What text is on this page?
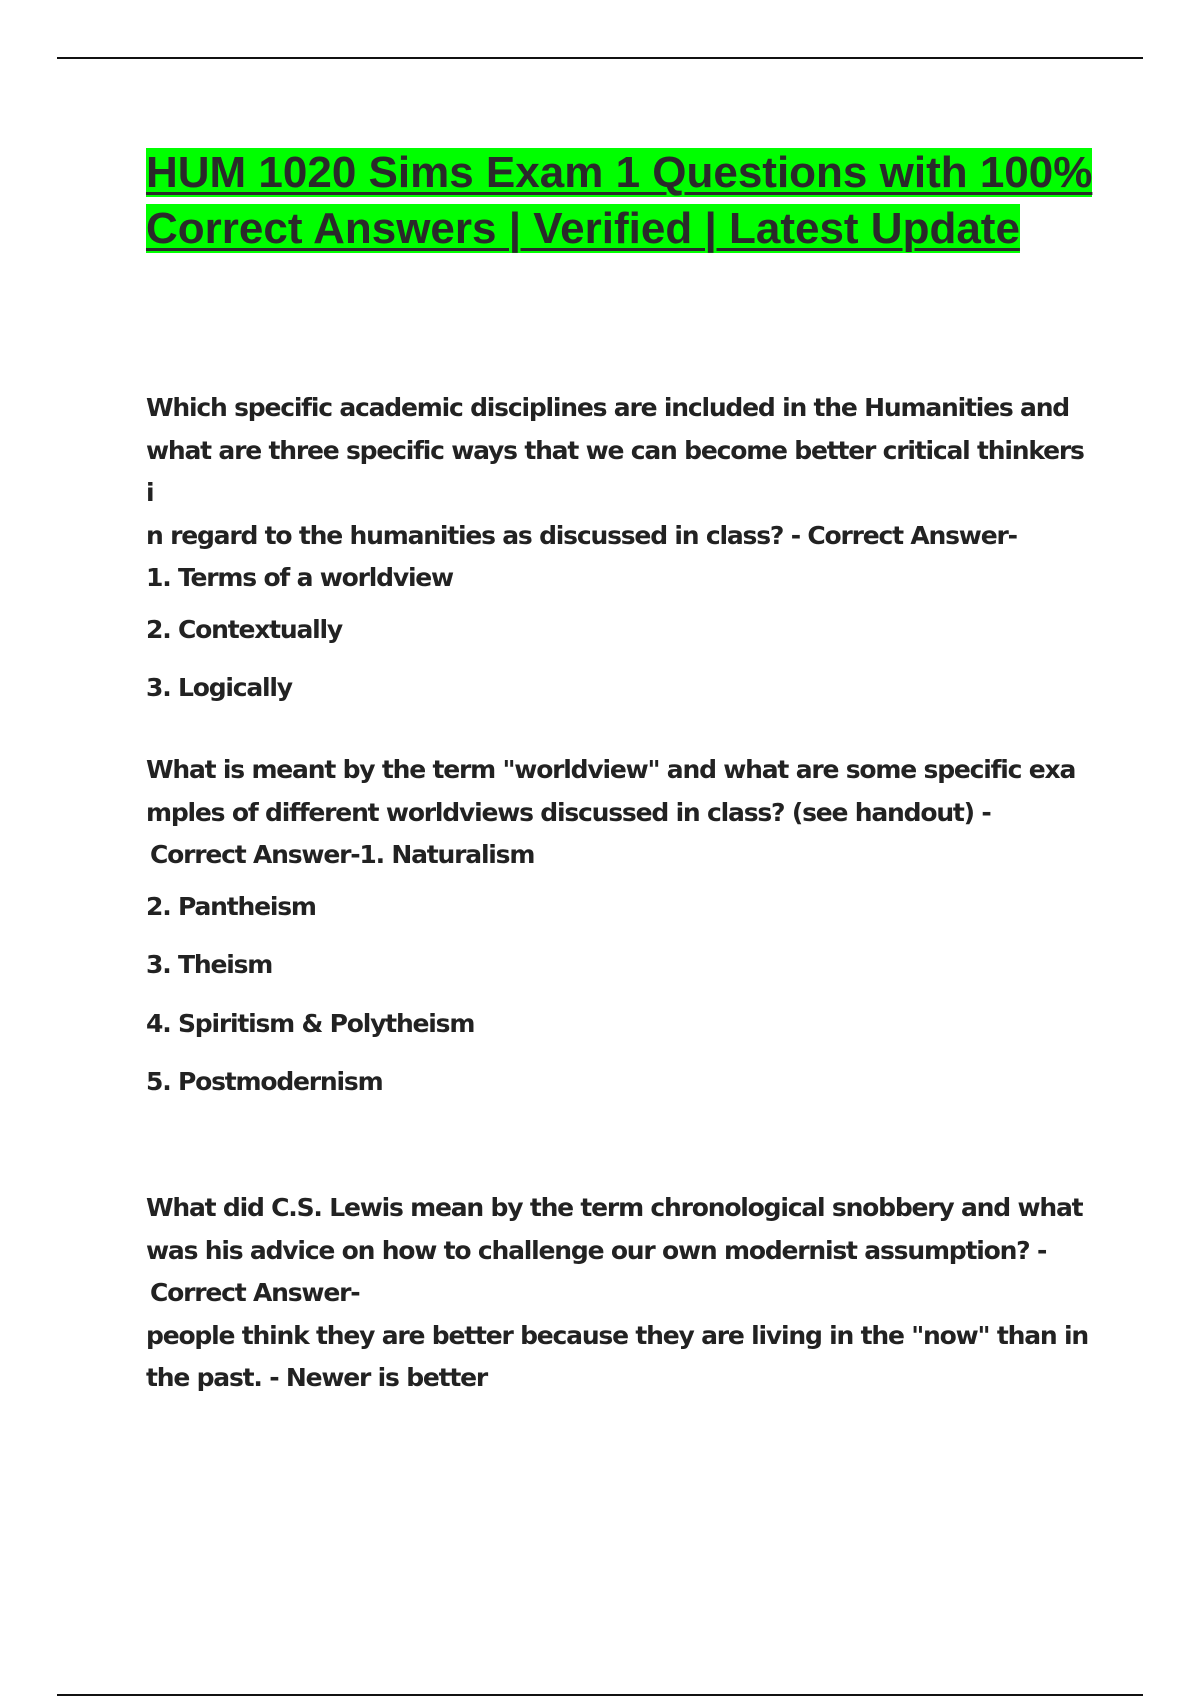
HUM 1020 Sims Exam 1 Questions with 100% Correct Answers | Verified | Latest Update
Which specific academic disciplines are included in the Humanities and
what are three specific ways that we can become better critical thinkers i
n regard to the humanities as discussed in class? - Correct Answer-
1. Terms of a worldview
2. Contextually
3. Logically
What is meant by the term "worldview" and what are some specific exa
mples of different worldviews discussed in class? (see handout) -
Correct Answer-1. Naturalism
2. Pantheism
3. Theism
4. Spiritism & Polytheism
5. Postmodernism
What did C.S. Lewis mean by the term chronological snobbery and what
was his advice on how to challenge our own modernist assumption? -
Correct Answer-
people think they are better because they are living in the "now" than in
the past. - Newer is better
